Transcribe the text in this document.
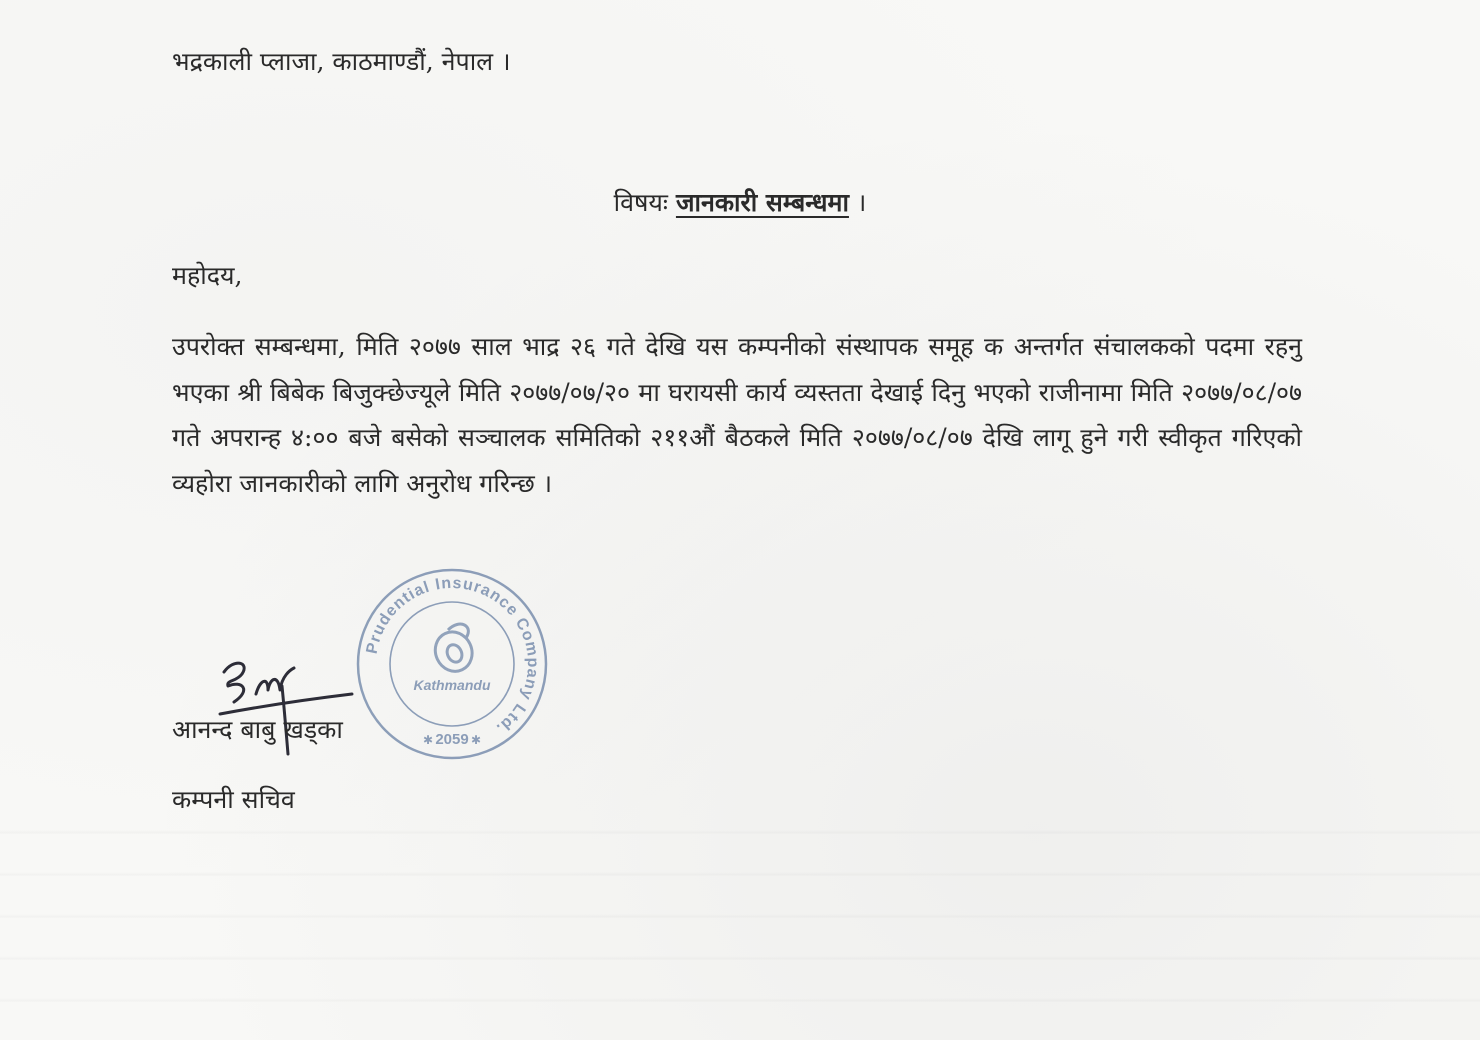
भद्रकाली प्लाजा, काठमाण्डौं, नेपाल ।
विषयः जानकारी सम्बन्धमा ।
महोदय,
उपरोक्त सम्बन्धमा, मिति २०७७ साल भाद्र २६ गते देखि यस कम्पनीको संस्थापक समूह क अन्तर्गत संचालकको पदमा रहनु भएका श्री बिबेक बिजुक्छेज्यूले मिति २०७७/०७/२० मा घरायसी कार्य व्यस्तता देखाई दिनु भएको राजीनामा मिति २०७७/०८/०७ गते अपरान्ह ४:०० बजे बसेको सञ्चालक समितिको २११औं बैठकले मिति २०७७/०८/०७ देखि लागू हुने गरी स्वीकृत गरिएको व्यहोरा जानकारीको लागि अनुरोध गरिन्छ ।
Prudential Insurance Company Ltd.
Kathmandu
2059
✱	✱
आनन्द बाबु खड्का
कम्पनी सचिव
